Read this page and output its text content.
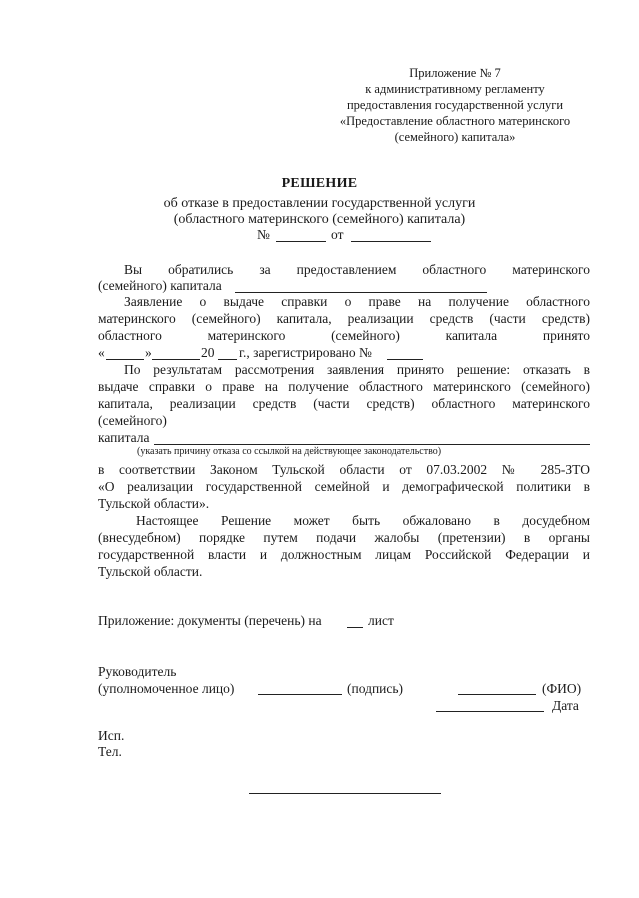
Приложение № 7
к административному регламенту
предоставления государственной услуги
«Предоставление областного материнского
(семейного) капитала»
РЕШЕНИЕ
об отказе в предоставлении государственной услуги
(областного материнского (семейного) капитала)
№	от
Вы обратились за предоставлением областного материнского
(семейного) капитала
Заявление о выдаче справки о праве на получение областного
материнского (семейного) капитала, реализации средств (части средств)
областного материнского (семейного) капитала принято
«	»	20 г., зарегистрировано №
По результатам рассмотрения заявления принято решение: отказать в
выдаче справки о праве на получение областного материнского (семейного)
капитала, реализации средств (части средств) областного материнского
(семейного)
капитала
(указать причину отказа со ссылкой на действующее законодательство)
в соответствии Законом Тульской области от 07.03.2002 № 285-ЗТО
«О реализации государственной семейной и демографической политики в
Тульской области».
Настоящее Решение может быть обжаловано в досудебном
(внесудебном) порядке путем подачи жалобы (претензии) в органы
государственной власти и должностным лицам Российской Федерации и
Тульской области.
Приложение: документы (перечень) на	лист
Руководитель
(уполномоченное лицо)	(подпись)	(ФИО)
Дата
Исп.
Тел.
